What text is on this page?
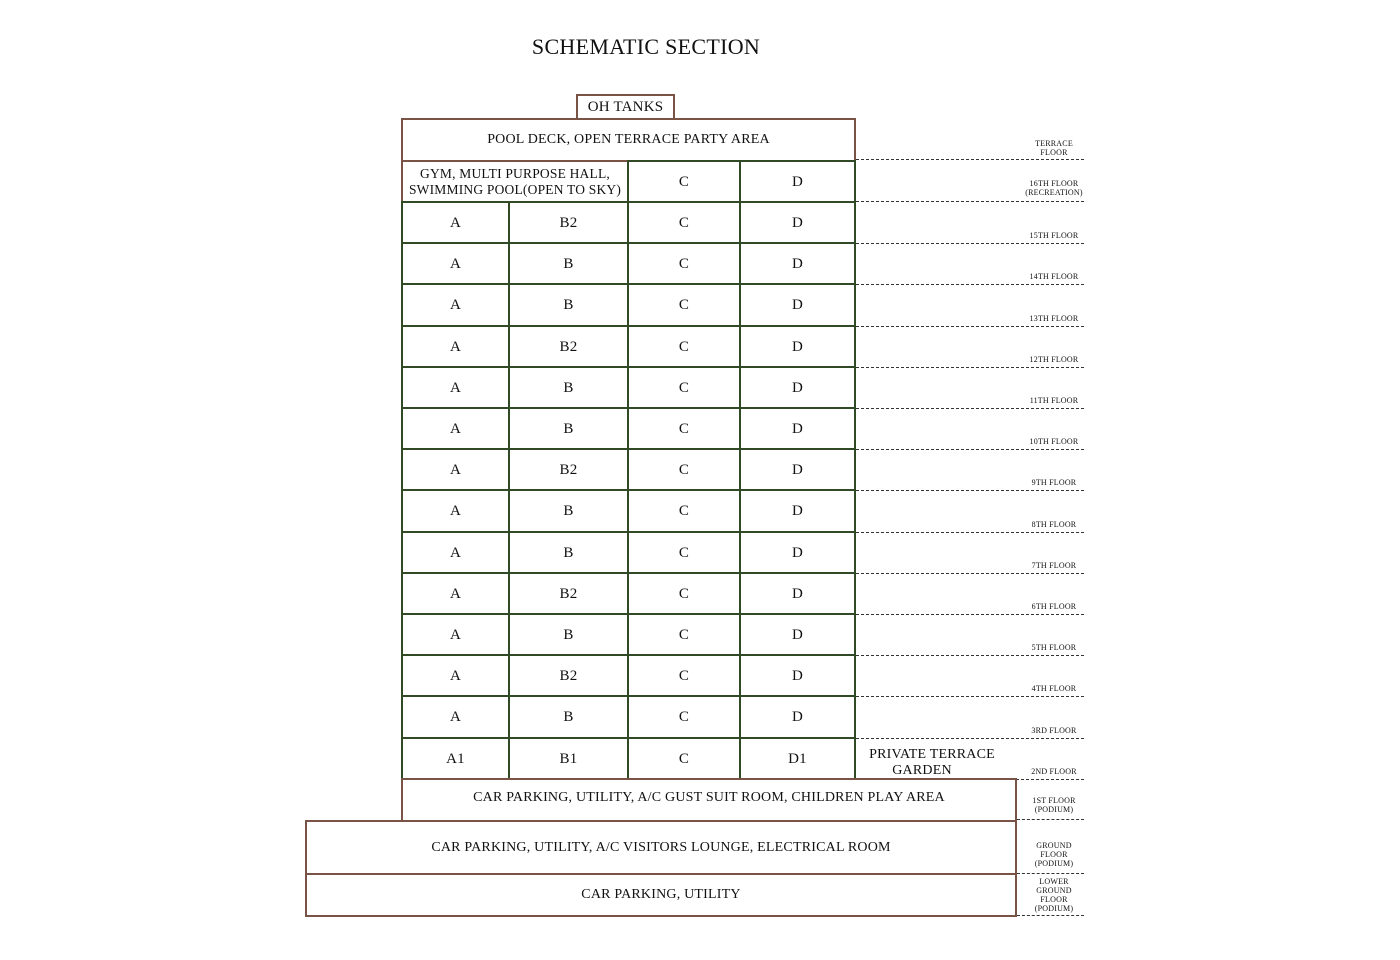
SCHEMATIC SECTION
OH TANKS
POOL DECK, OPEN TERRACE PARTY AREA
GYM, MULTI PURPOSE HALL,
SWIMMING POOL(OPEN TO SKY)	C	D
A	B2	C	D
15TH FLOOR
A	B	C	D
14TH FLOOR
A	B	C	D
13TH FLOOR
A	B2	C	D
12TH FLOOR
A	B	C	D
11TH FLOOR
A	B	C	D
10TH FLOOR
A	B2	C	D
9TH FLOOR
A	B	C	D
8TH FLOOR
A	B	C	D
7TH FLOOR
A	B2	C	D
6TH FLOOR
A	B	C	D
5TH FLOOR
A	B2	C	D
4TH FLOOR
A	B	C	D
3RD FLOOR
A1	B1	C	D1
2ND FLOOR
PRIVATE TERRACE
GARDEN
CAR PARKING, UTILITY, A/C GUST SUIT ROOM, CHILDREN PLAY AREA
CAR PARKING, UTILITY, A/C VISITORS LOUNGE, ELECTRICAL ROOM
CAR PARKING, UTILITY
TERRACE
FLOOR
16TH FLOOR
(RECREATION)
1ST FLOOR
(PODIUM)
GROUND
FLOOR
(PODIUM)
LOWER
GROUND
FLOOR
(PODIUM)
